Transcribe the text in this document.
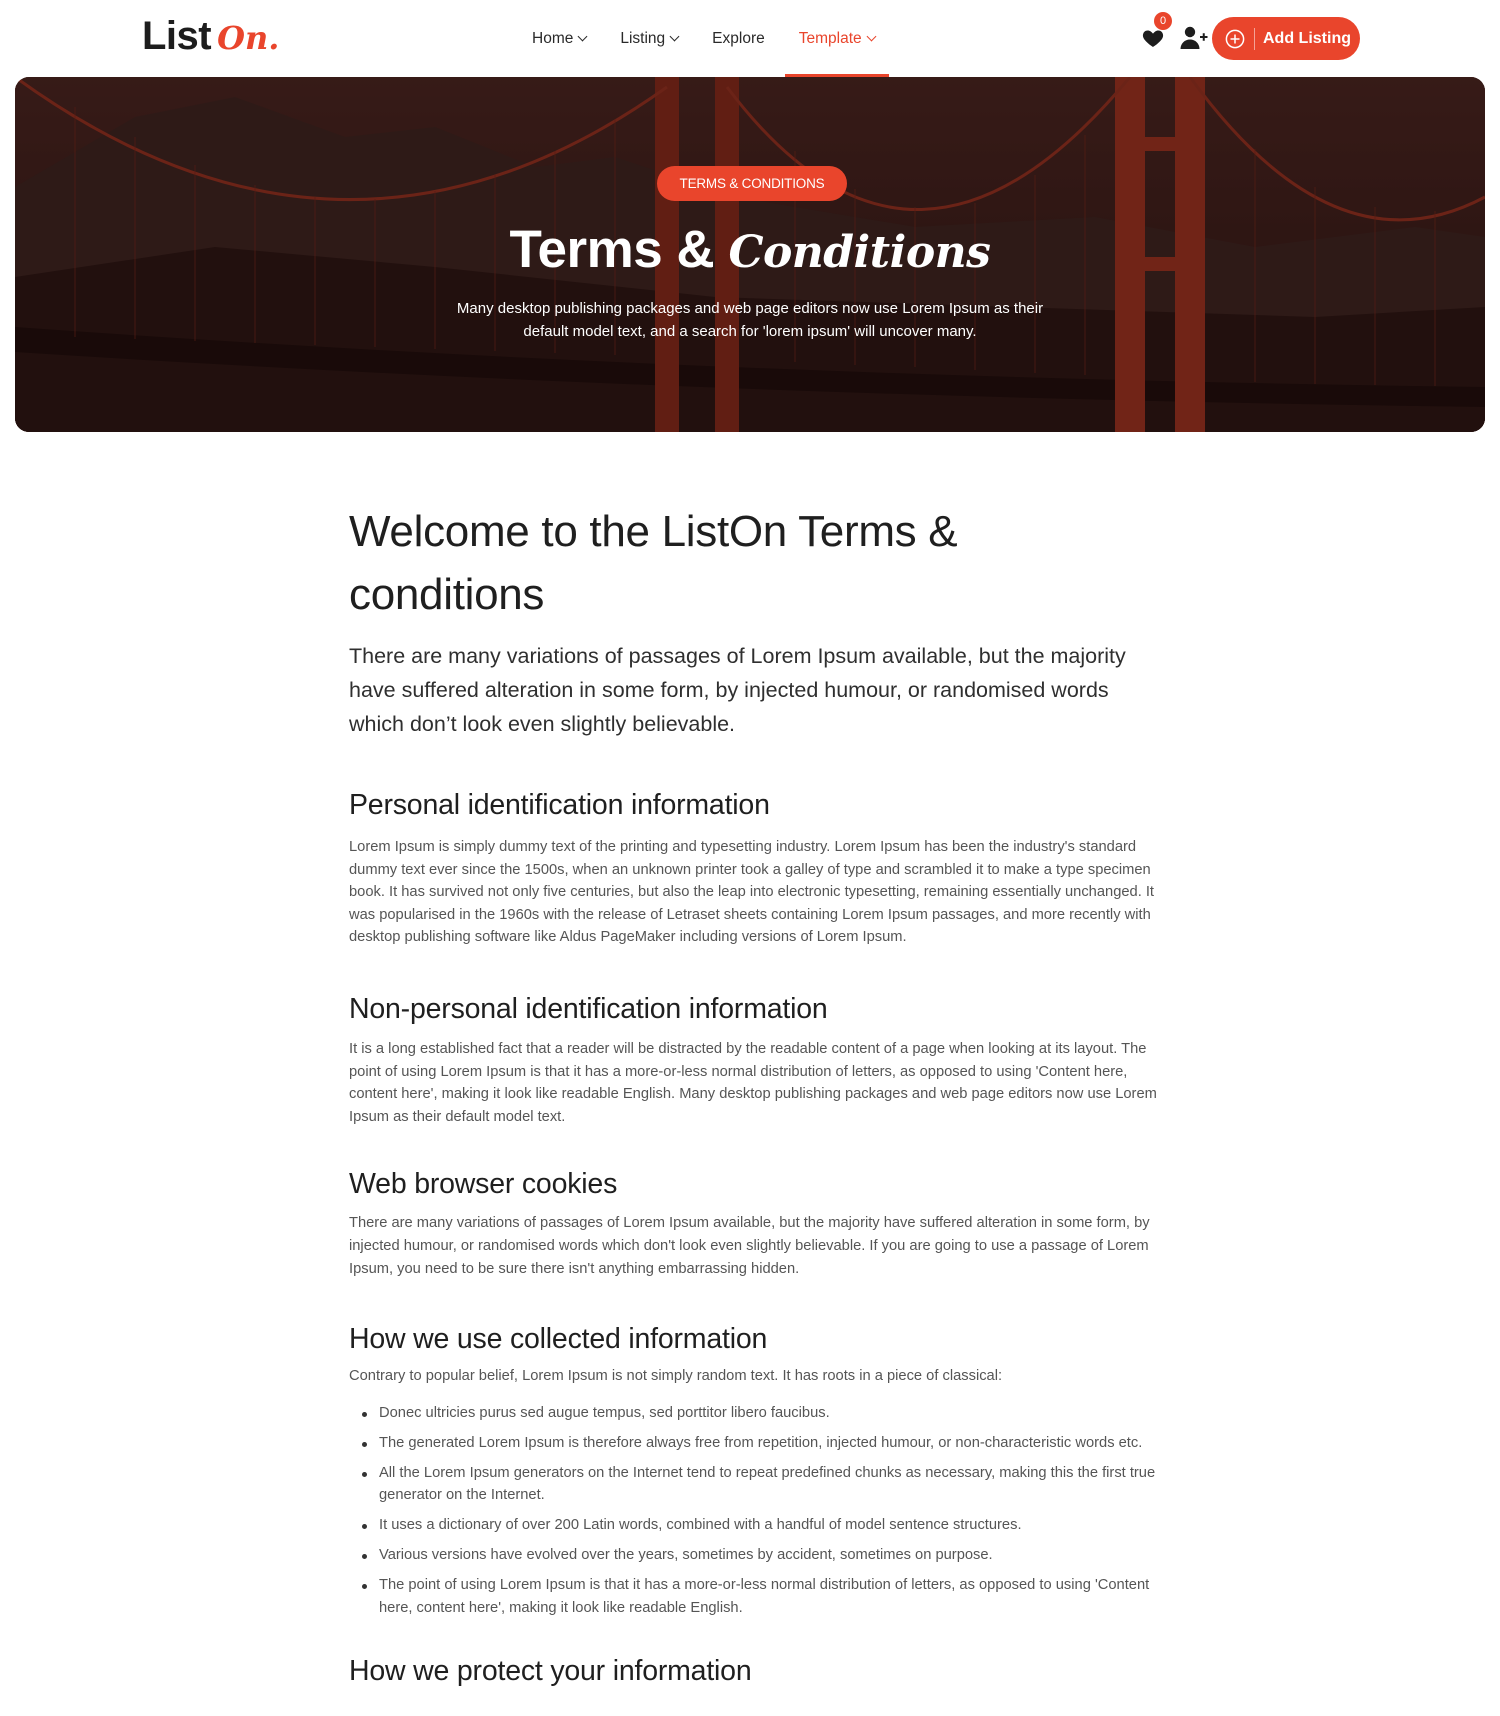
List On.	Home	Listing	Explore Template
0
Add Listing
TERMS & CONDITIONS
Terms & Conditions

Many desktop publishing packages and web page editors now use Lorem Ipsum as their default model text, and a search for 'lorem ipsum' will uncover many.

Welcome to the ListOn Terms & conditions

There are many variations of passages of Lorem Ipsum available, but the majority have suffered alteration in some form, by injected humour, or randomised words which don’t look even slightly believable.

Personal identification information

Lorem Ipsum is simply dummy text of the printing and typesetting industry. Lorem Ipsum has been the industry's standard dummy text ever since the 1500s, when an unknown printer took a galley of type and scrambled it to make a type specimen book. It has survived not only five centuries, but also the leap into electronic typesetting, remaining essentially unchanged. It was popularised in the 1960s with the release of Letraset sheets containing Lorem Ipsum passages, and more recently with desktop publishing software like Aldus PageMaker including versions of Lorem Ipsum.

Non-personal identification information

It is a long established fact that a reader will be distracted by the readable content of a page when looking at its layout. The point of using Lorem Ipsum is that it has a more-or-less normal distribution of letters, as opposed to using 'Content here, content here', making it look like readable English. Many desktop publishing packages and web page editors now use Lorem Ipsum as their default model text.

Web browser cookies

There are many variations of passages of Lorem Ipsum available, but the majority have suffered alteration in some form, by injected humour, or randomised words which don't look even slightly believable. If you are going to use a passage of Lorem Ipsum, you need to be sure there isn't anything embarrassing hidden.

How we use collected information

Contrary to popular belief, Lorem Ipsum is not simply random text. It has roots in a piece of classical:

Donec ultricies purus sed augue tempus, sed porttitor libero faucibus.
The generated Lorem Ipsum is therefore always free from repetition, injected humour, or non-characteristic words etc.
All the Lorem Ipsum generators on the Internet tend to repeat predefined chunks as necessary, making this the first true generator on the Internet.
It uses a dictionary of over 200 Latin words, combined with a handful of model sentence structures.
Various versions have evolved over the years, sometimes by accident, sometimes on purpose.
The point of using Lorem Ipsum is that it has a more-or-less normal distribution of letters, as opposed to using 'Content here, content here', making it look like readable English.
How we protect your information
